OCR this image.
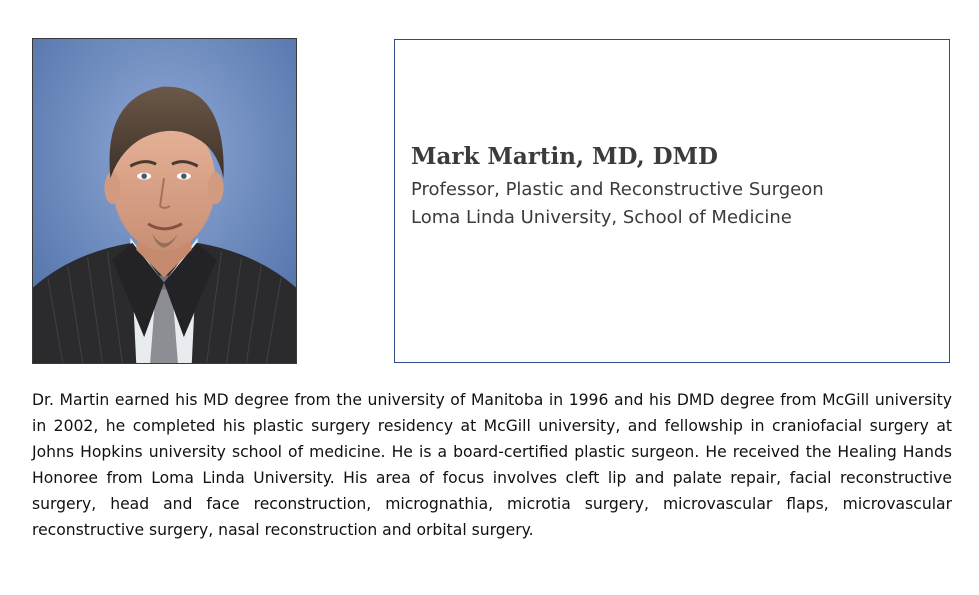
Mark Martin, MD, DMD

Professor, Plastic and Reconstructive Surgeon

Loma Linda University, School of Medicine

Dr. Martin earned his MD degree from the university of Manitoba in 1996 and his DMD degree from McGill university in 2002, he completed his plastic surgery residency at McGill university, and fellowship in craniofacial surgery at Johns Hopkins university school of medicine. He is a board-certified plastic surgeon. He received the Healing Hands Honoree from Loma Linda University. His area of focus involves cleft lip and palate repair, facial reconstructive surgery, head and face reconstruction, micrognathia, microtia surgery, microvascular flaps, microvascular reconstructive surgery, nasal reconstruction and orbital surgery.
